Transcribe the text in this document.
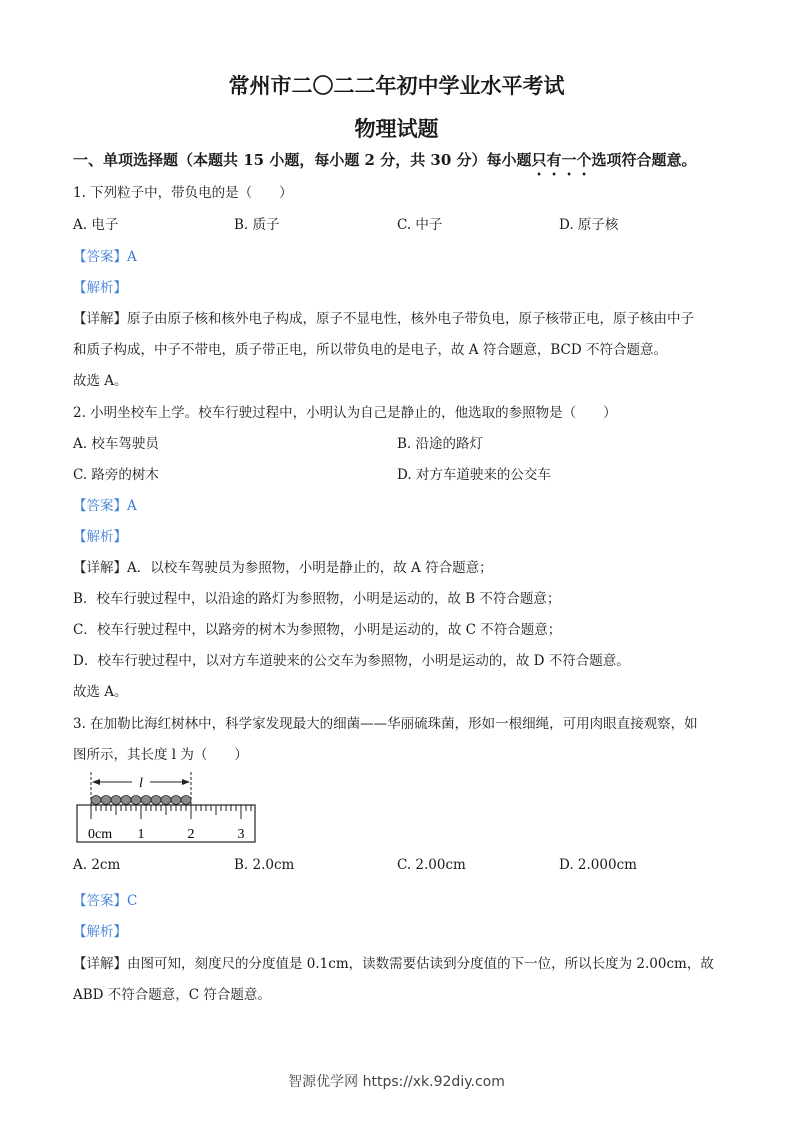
常州市二〇二二年初中学业水平考试
物理试题
一、单项选择题（本题共 15 小题，每小题 2 分，共 30 分）每小题只有一个选项符合题意。
1. 下列粒子中，带负电的是（　　）
A. 电子	B. 质子	C. 中子	D. 原子核
【答案】A
【解析】
【详解】原子由原子核和核外电子构成，原子不显电性，核外电子带负电，原子核带正电，原子核由中子
和质子构成，中子不带电，质子带正电，所以带负电的是电子，故 A 符合题意，BCD 不符合题意。
故选 A。
2. 小明坐校车上学。校车行驶过程中，小明认为自己是静止的，他选取的参照物是（　　）
A. 校车驾驶员	B. 沿途的路灯
C. 路旁的树木	D. 对方车道驶来的公交车
【答案】A
【解析】
【详解】A．以校车驾驶员为参照物，小明是静止的，故 A 符合题意；
B．校车行驶过程中，以沿途的路灯为参照物，小明是运动的，故 B 不符合题意；
C．校车行驶过程中，以路旁的树木为参照物，小明是运动的，故 C 不符合题意；
D．校车行驶过程中，以对方车道驶来的公交车为参照物，小明是运动的，故 D 不符合题意。
故选 A。
3. 在加勒比海红树林中，科学家发现最大的细菌——华丽硫珠菌，形如一根细绳，可用肉眼直接观察，如
图所示，其长度 l 为（　　）
l
0cm 1	2	3
A. 2cm	B. 2.0cm	C. 2.00cm	D. 2.000cm
【答案】C
【解析】
【详解】由图可知，刻度尺的分度值是 0.1cm，读数需要估读到分度值的下一位，所以长度为 2.00cm，故
ABD 不符合题意，C 符合题意。
智源优学网 https://xk.92diy.com
